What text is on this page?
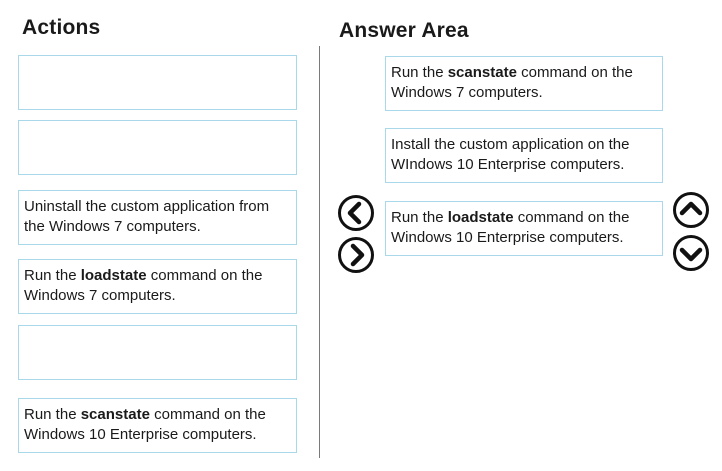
Actions	Answer Area
Uninstall the custom application from the Windows 7 computers.
Run the loadstate command on the Windows 7 computers.
Run the scanstate command on the Windows 10 Enterprise computers.
Run the scanstate command on the Windows 7 computers.
Install the custom application on the WIndows 10 Enterprise computers.
Run the loadstate command on the Windows 10 Enterprise computers.
